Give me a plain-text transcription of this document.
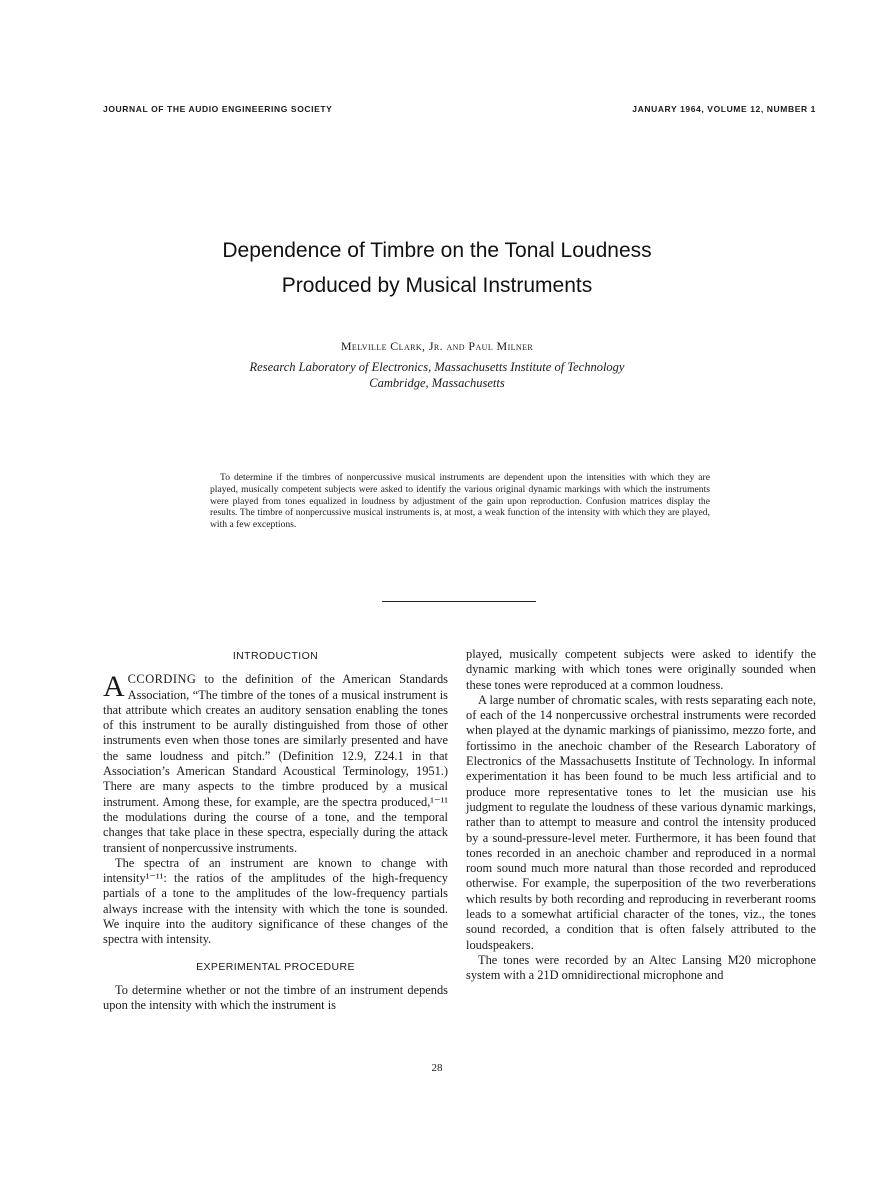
JOURNAL OF THE AUDIO ENGINEERING SOCIETY	JANUARY 1964, VOLUME 12, NUMBER 1
Dependence of Timbre on the Tonal Loudness
Produced by Musical Instruments
Melville Clark, Jr. and Paul Milner
Research Laboratory of Electronics, Massachusetts Institute of Technology
Cambridge, Massachusetts
To determine if the timbres of nonpercussive musical instruments are dependent upon the intensities with which they are played, musically competent subjects were asked to identify the various original dynamic markings with which the instruments were played from tones equalized in loudness by adjustment of the gain upon reproduction. Confusion matrices display the results. The timbre of nonpercussive musical instruments is, at most, a weak function of the intensity with which they are played, with a few exceptions.
INTRODUCTION

ACCORDING to the definition of the American Standards Association, “The timbre of the tones of a musical instrument is that attribute which creates an auditory sensation enabling the tones of this instrument to be aurally distinguished from those of other instruments even when those tones are similarly presented and have the same loudness and pitch.” (Definition 12.9, Z24.1 in that Association’s American Standard Acoustical Terminology, 1951.) There are many aspects to the timbre produced by a musical instrument. Among these, for example, are the spectra produced,¹⁻¹¹ the modulations during the course of a tone, and the temporal changes that take place in these spectra, especially during the attack transient of nonpercussive instruments.

The spectra of an instrument are known to change with intensity¹⁻¹¹: the ratios of the amplitudes of the high-frequency partials of a tone to the amplitudes of the low-frequency partials always increase with the intensity with which the tone is sounded. We inquire into the auditory significance of these changes of the spectra with intensity.

EXPERIMENTAL PROCEDURE

To determine whether or not the timbre of an instrument depends upon the intensity with which the instrument is

played, musically competent subjects were asked to identify the dynamic marking with which tones were originally sounded when these tones were reproduced at a common loudness.

A large number of chromatic scales, with rests separating each note, of each of the 14 nonpercussive orchestral instruments were recorded when played at the dynamic markings of pianissimo, mezzo forte, and fortissimo in the anechoic chamber of the Research Laboratory of Electronics of the Massachusetts Institute of Technology. In informal experimentation it has been found to be much less artificial and to produce more representative tones to let the musician use his judgment to regulate the loudness of these various dynamic markings, rather than to attempt to measure and control the intensity produced by a sound-pressure-level meter. Furthermore, it has been found that tones recorded in an anechoic chamber and reproduced in a normal room sound much more natural than those recorded and reproduced otherwise. For example, the superposition of the two reverberations which results by both recording and reproducing in reverberant rooms leads to a somewhat artificial character of the tones, viz., the tones sound recorded, a condition that is often falsely attributed to the loudspeakers.

The tones were recorded by an Altec Lansing M20 microphone system with a 21D omnidirectional microphone and

28
